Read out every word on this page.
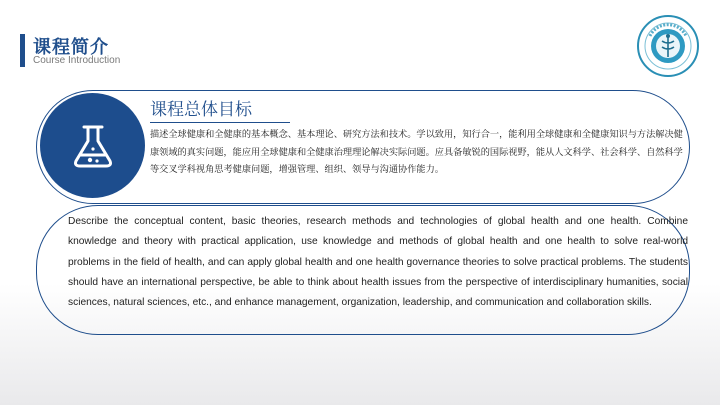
课程简介
Course Introduction
课程总体目标
描述全球健康和全健康的基本概念、基本理论、研究方法和技术。学以致用，知行合一，能利用全球健康和全健康知识与方法解决健康领域的真实问题，能应用全球健康和全健康治理理论解决实际问题。应具备敏锐的国际视野，能从人文科学、社会科学、自然科学等交叉学科视角思考健康问题，增强管理、组织、领导与沟通协作能力。
Describe the conceptual content, basic theories, research methods and technologies of global health and one health. Combine knowledge and theory with practical application, use knowledge and methods of global health and one health to solve real-world problems in the field of health, and can apply global health and one health governance theories to solve practical problems. The students should have an international perspective, be able to think about health issues from the perspective of interdisciplinary humanities, social sciences, natural sciences, etc., and enhance management, organization, leadership, and communication and collaboration skills.
